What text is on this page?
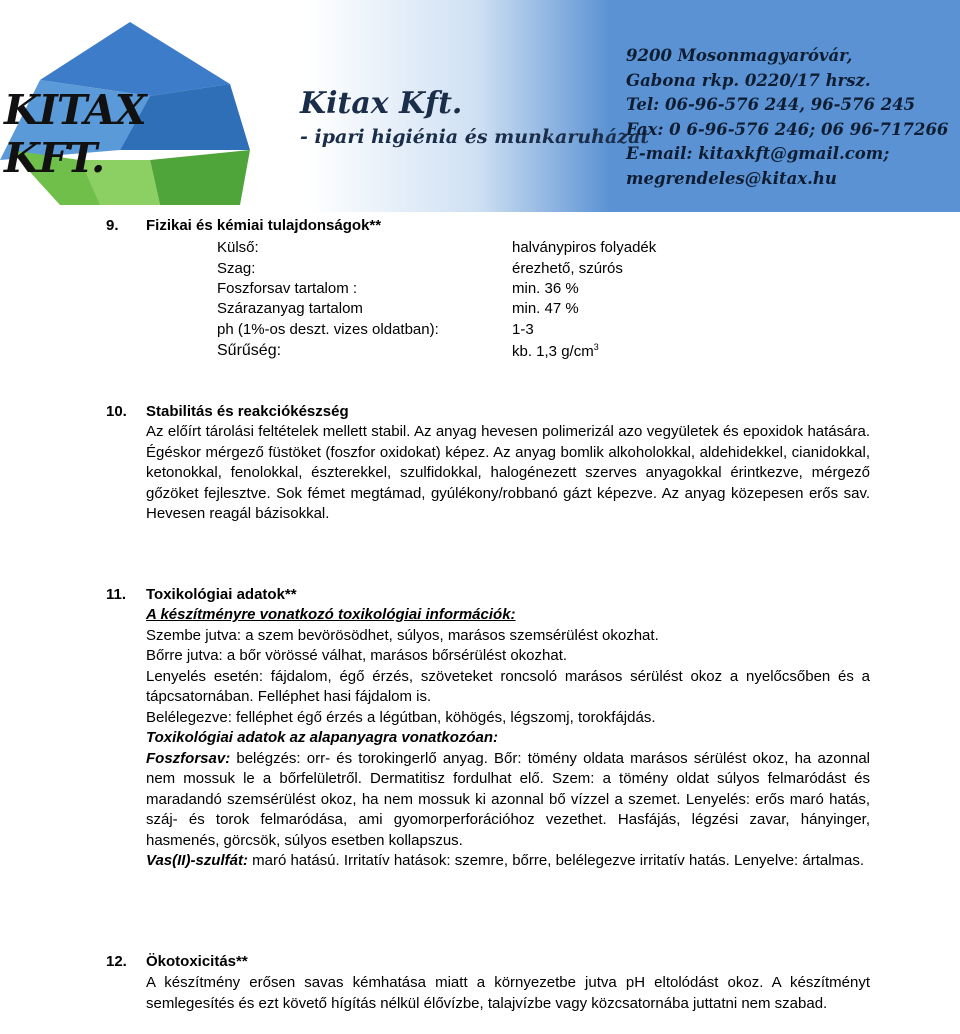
KITAX KFT.
Kitax Kft.
- ipari higiénia és munkaruházat
9200 Mosonmagyaróvár,
Gabona rkp. 0220/17 hrsz.
Tel: 06-96-576 244, 96-576 245
Fax: 0 6-96-576 246; 06 96-717266
E-mail: kitaxkft@gmail.com;
megrendeles@kitax.hu
9. Fizikai és kémiai tulajdonságok**
Külső:	halványpiros folyadék
Szag:	érezhető, szúrós
Foszforsav tartalom :	min. 36 %
Szárazanyag tartalom	min. 47 %
ph (1%-os deszt. vizes oldatban):	1-3
Sűrűség:	kb. 1,3 $g/cm^3$
10. Stabilitás és reakciókészség
Az előírt tárolási feltételek mellett stabil. Az anyag hevesen polimerizál azo vegyületek és epoxidok hatására. Égéskor mérgező füstöket (foszfor oxidokat) képez. Az anyag bomlik alkoholokkal, aldehidekkel, cianidokkal, ketonokkal, fenolokkal, észterekkel, szulfidokkal, halogénezett szerves anyagokkal érintkezve, mérgező gőzöket fejlesztve. Sok fémet megtámad, gyúlékony/robbanó gázt képezve. Az anyag közepesen erős sav. Hevesen reagál bázisokkal.
11. Toxikológiai adatok**
A készítményre vonatkozó toxikológiai információk:
Szembe jutva: a szem bevörösödhet, súlyos, marásos szemsérülést okozhat.
Bőrre jutva: a bőr vörössé válhat, marásos bőrsérülést okozhat.
Lenyelés esetén: fájdalom, égő érzés, szöveteket roncsoló marásos sérülést okoz a nyelőcsőben és a tápcsatornában. Felléphet hasi fájdalom is.
Belélegezve: felléphet égő érzés a légútban, köhögés, légszomj, torokfájdás.
Toxikológiai adatok az alapanyagra vonatkozóan:
Foszforsav: belégzés: orr- és torokingerlő anyag. Bőr: tömény oldata marásos sérülést okoz, ha azonnal nem mossuk le a bőrfelületről. Dermatitisz fordulhat elő. Szem: a tömény oldat súlyos felmaródást és maradandó szemsérülést okoz, ha nem mossuk ki azonnal bő vízzel a szemet. Lenyelés: erős maró hatás, száj- és torok felmaródása, ami gyomorperforációhoz vezethet. Hasfájás, légzési zavar, hányinger, hasmenés, görcsök, súlyos esetben kollapszus.
Vas(II)-szulfát: maró hatású. Irritatív hatások: szemre, bőrre, belélegezve irritatív hatás. Lenyelve: ártalmas.
12. Ökotoxicitás**
A készítmény erősen savas kémhatása miatt a környezetbe jutva pH eltolódást okoz. A készítményt semlegesítés és ezt követő hígítás nélkül élővízbe, talajvízbe vagy közcsatornába juttatni nem szabad.
